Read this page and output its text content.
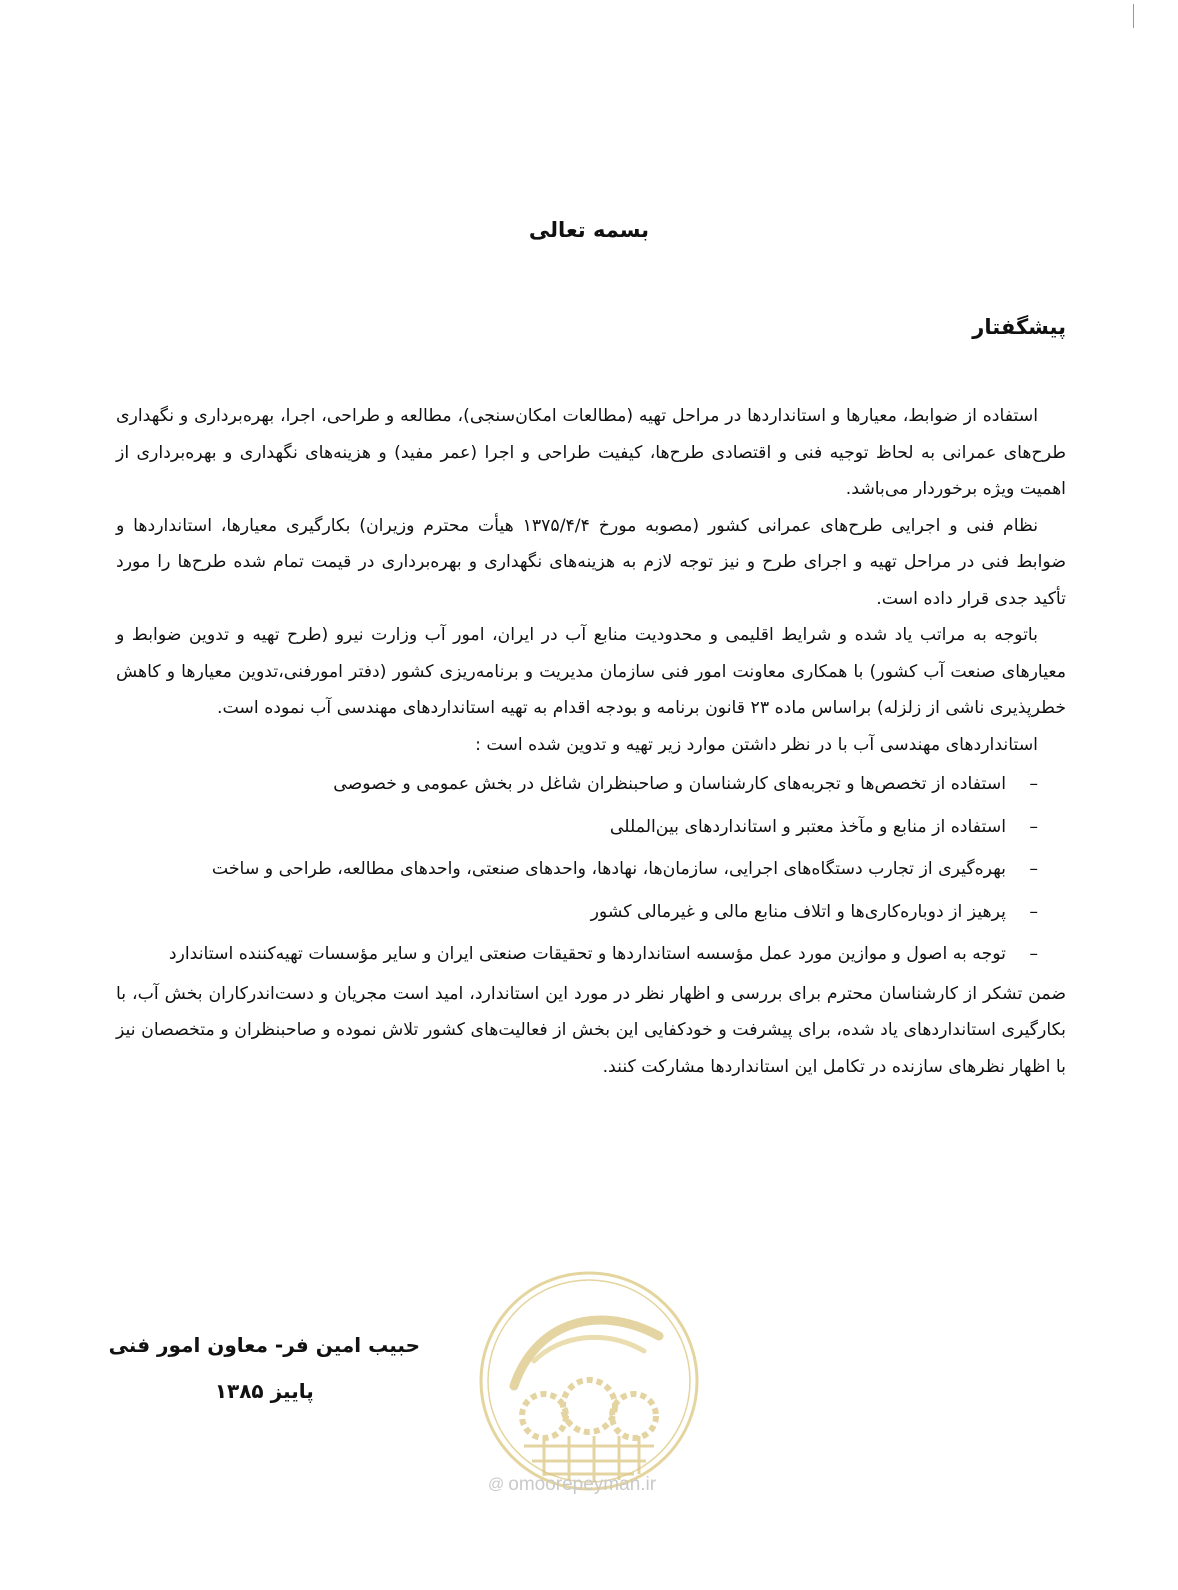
بسمه تعالی
پیشگفتار

استفاده از ضوابط، معیارها و استانداردها در مراحل تهیه (مطالعات امکان‌سنجی)، مطالعه و طراحی، اجرا، بهره‌برداری و نگهداری طرح‌های عمرانی به لحاظ توجیه فنی و اقتصادی طرح‌ها، کیفیت طراحی و اجرا (عمر مفید) و هزینه‌های نگهداری و بهره‌برداری از اهمیت ویژه برخوردار می‌باشد.

نظام فنی و اجرایی طرح‌های عمرانی کشور (مصوبه مورخ ۱۳۷۵/۴/۴ هیأت محترم وزیران) بکارگیری معیارها، استانداردها و ضوابط فنی در مراحل تهیه و اجرای طرح و نیز توجه لازم به هزینه‌های نگهداری و بهره‌برداری در قیمت تمام شده طرح‌ها را مورد تأکید جدی قرار داده است.

باتوجه به مراتب یاد شده و شرایط اقلیمی و محدودیت منابع آب در ایران، امور آب وزارت نیرو (طرح تهیه و تدوین ضوابط و معیارهای صنعت آب کشور) با همکاری معاونت امور فنی سازمان مدیریت و برنامه‌ریزی کشور (دفتر امورفنی،تدوین معیارها و کاهش خطرپذیری ناشی از زلزله) براساس ماده ۲۳ قانون برنامه و بودجه اقدام به تهیه استانداردهای مهندسی آب نموده است.

استانداردهای مهندسی آب با در نظر داشتن موارد زیر تهیه و تدوین شده است :

–
استفاده از تخصص‌ها و تجربه‌های کارشناسان و صاحبنظران شاغل در بخش عمومی و خصوصی
–
استفاده از منابع و مآخذ معتبر و استانداردهای بین‌المللی
–
بهره‌گیری از تجارب دستگاه‌های اجرایی، سازمان‌ها، نهادها، واحدهای صنعتی، واحدهای مطالعه، طراحی و ساخت
–
پرهیز از دوباره‌کاری‌ها و اتلاف منابع مالی و غیرمالی کشور
–
توجه به اصول و موازین مورد عمل مؤسسه استانداردها و تحقیقات صنعتی ایران و سایر مؤسسات تهیه‌کننده استاندارد

ضمن تشکر از کارشناسان محترم برای بررسی و اظهار نظر در مورد این استاندارد، امید است مجریان و دست‌اندرکاران بخش آب، با بکارگیری استانداردهای یاد شده، برای پیشرفت و خودکفایی این بخش از فعالیت‌های کشور تلاش نموده و صاحبنظران و متخصصان نیز با اظهار نظرهای سازنده در تکامل این استانداردها مشارکت کنند.

حبیب امین فر- معاون امور فنی
پاییز ۱۳۸۵
@ omoorepeyman.ir
